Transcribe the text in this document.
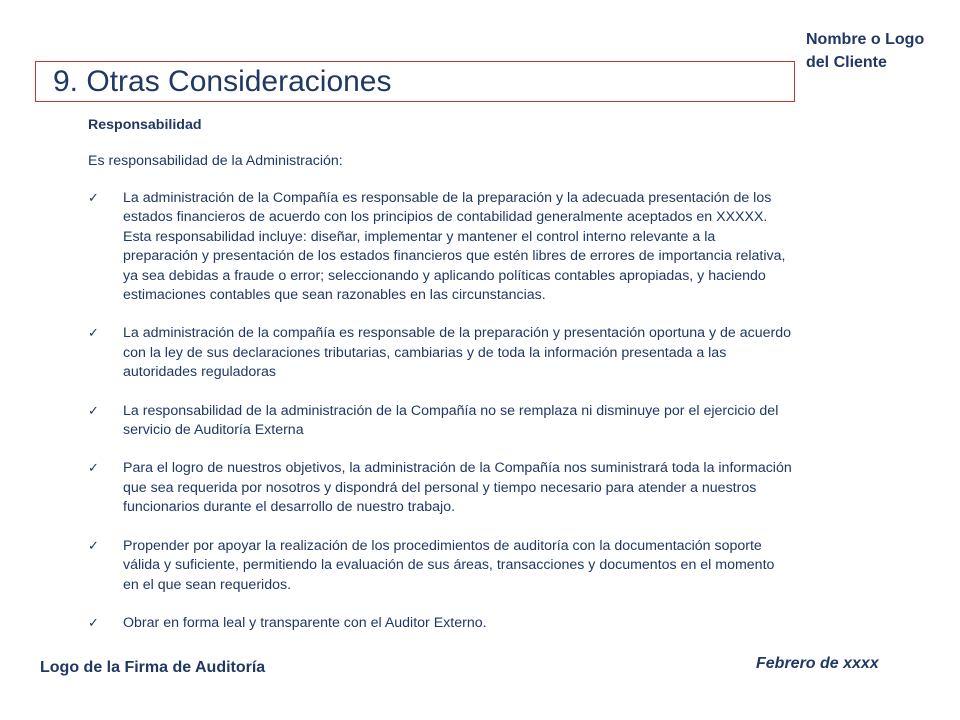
Nombre o Logo
del Cliente
9. Otras Consideraciones
Responsabilidad

Es responsabilidad de la Administración:

✓ La administración de la Compañía es responsable de la preparación y la adecuada presentación de los estados financieros de acuerdo con los principios de contabilidad generalmente aceptados en XXXXX. Esta responsabilidad incluye: diseñar, implementar y mantener el control interno relevante a la preparación y presentación de los estados financieros que estén libres de errores de importancia relativa, ya sea debidas a fraude o error; seleccionando y aplicando políticas contables apropiadas, y haciendo estimaciones contables que sean razonables en las circunstancias.
✓ La administración de la compañía es responsable de la preparación y presentación oportuna y de acuerdo con la ley de sus declaraciones tributarias, cambiarias y de toda la información presentada a las autoridades reguladoras
✓ La responsabilidad de la administración de la Compañía no se remplaza ni disminuye por el ejercicio del servicio de Auditoría Externa
✓ Para el logro de nuestros objetivos, la administración de la Compañía nos suministrará toda la información que sea requerida por nosotros y dispondrá del personal y tiempo necesario para atender a nuestros funcionarios durante el desarrollo de nuestro trabajo.
✓ Propender por apoyar la realización de los procedimientos de auditoría con la documentación soporte válida y suficiente, permitiendo la evaluación de sus áreas, transacciones y documentos en el momento en el que sean requeridos.
✓ Obrar en forma leal y transparente con el Auditor Externo.
Logo de la Firma de Auditoría	Febrero de xxxx
